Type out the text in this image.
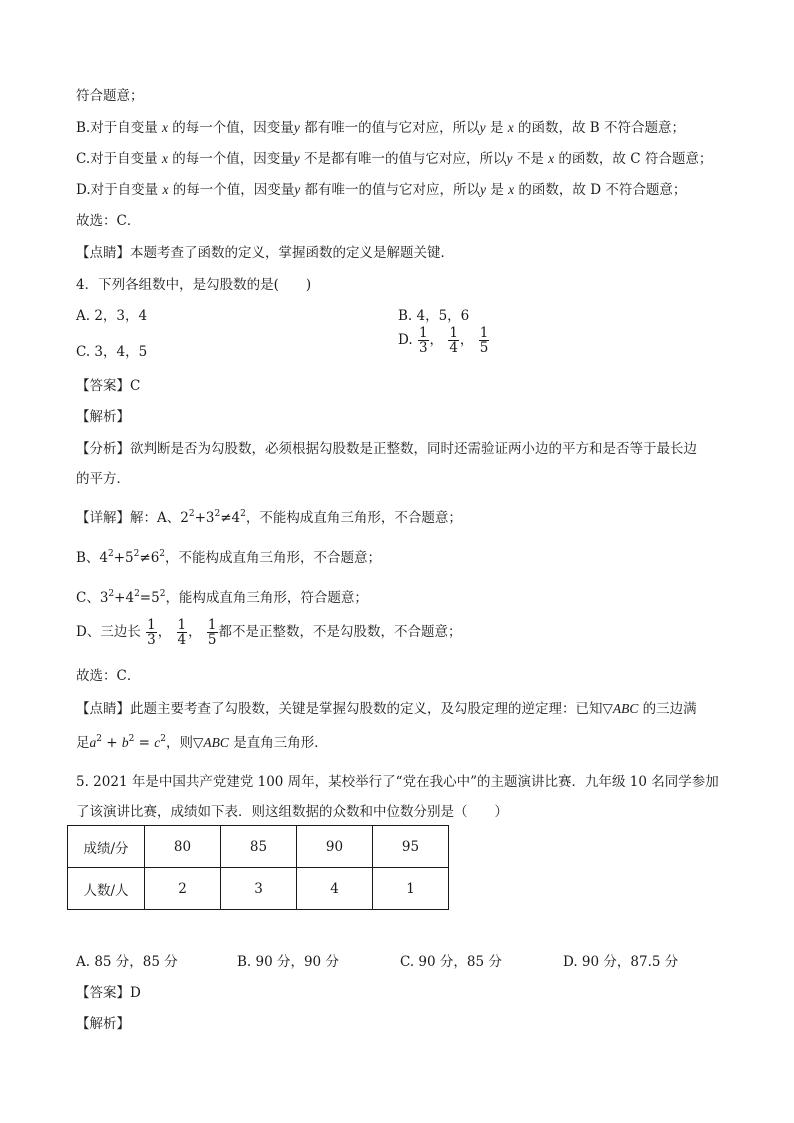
符合题意；
B.对于自变量 x 的每一个值，因变量y 都有唯一的值与它对应，所以y 是 x 的函数，故 B 不符合题意；
C.对于自变量 x 的每一个值，因变量y 不是都有唯一的值与它对应，所以y 不是 x 的函数，故 C 符合题意；
D.对于自变量 x 的每一个值，因变量y 都有唯一的值与它对应，所以y 是 x 的函数，故 D 不符合题意；
故选：C．
【点睛】本题考查了函数的定义，掌握函数的定义是解题关键．
4．下列各组数中，是勾股数的是(　　)
A. 2，3，4	B. 4，5，6
C. 3，4，5
D. $\frac{1}{3}$ ， $\frac{1}{4}$ ， $\frac{1}{5}$
【答案】C
【解析】
【分析】欲判断是否为勾股数，必须根据勾股数是正整数，同时还需验证两小边的平方和是否等于最长边
的平方．
【详解】解：A、$2^2+3^2\ne 4^2$，不能构成直角三角形，不合题意；
B、$4^2+5^2\ne 6^2$，不能构成直角三角形，不合题意；
C、$3^2+4^2=5^2$，能构成直角三角形，符合题意；
D、三边长 $\frac{1}{3}$ ， $\frac{1}{4}$ ， $\frac{1}{5}$ 都不是正整数，不是勾股数，不合题意；
故选：C．
【点睛】此题主要考查了勾股数，关键是掌握勾股数的定义，及勾股定理的逆定理：已知▽ABC 的三边满
足$a^2 + b^2 = c^2$，则▽ABC 是直角三角形．
5. 2021 年是中国共产党建党 100 周年，某校举行了“党在我心中”的主题演讲比赛．九年级 10 名同学参加
了该演讲比赛，成绩如下表．则这组数据的众数和中位数分别是（　　）
成绩/分	80	85	90	95
人数/人	2	3	4	1
A. 85 分，85 分	B. 90 分，90 分	C. 90 分，85 分	D. 90 分，87.5 分
【答案】D
【解析】
